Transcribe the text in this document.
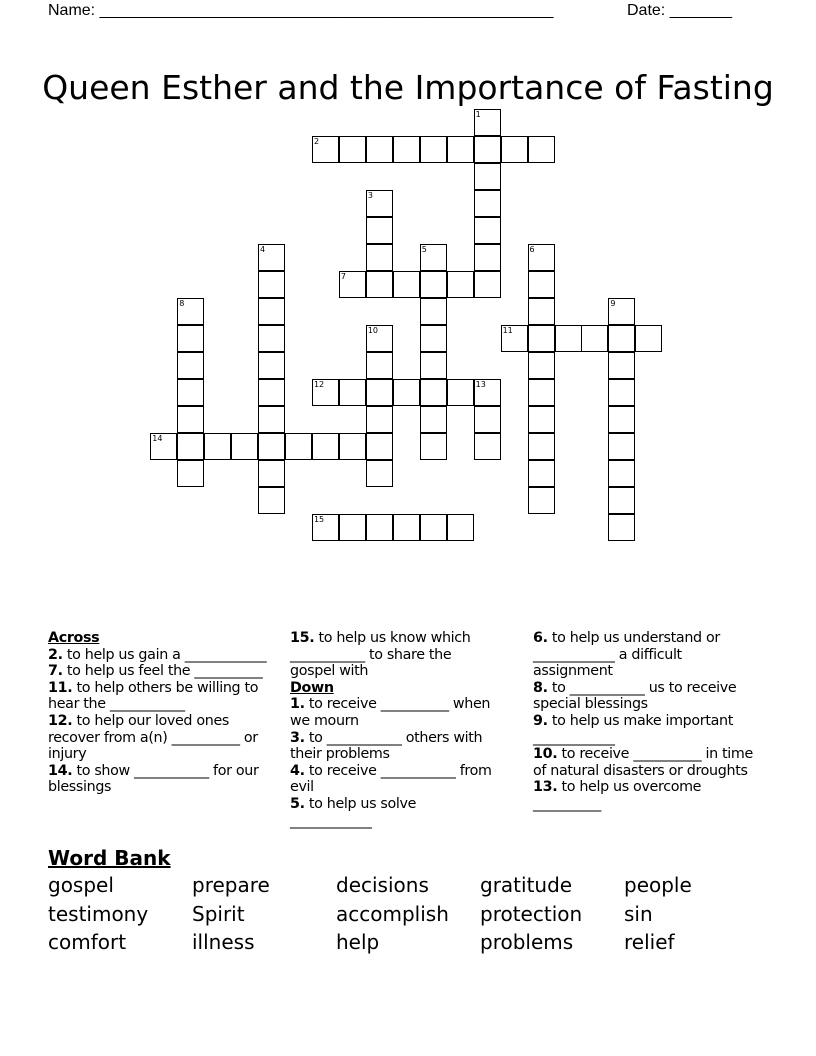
Name: ___________________________________________________	Date: _______
Queen Esther and the Importance of Fasting
1
2
3
4	5	6
7
8	9
10	11
12	13
14
15
Across
2. to help us gain a ____________
7. to help us feel the __________
11. to help others be willing to hear the ___________
12. to help our loved ones recover from a(n) __________ or injury
14. to show ___________ for our blessings
15. to help us know which ___________ to share the gospel with
Down
1. to receive __________ when we mourn
3. to ___________ others with their problems
4. to receive ___________ from evil
5. to help us solve ____________
6. to help us understand or ____________ a difficult assignment
8. to ___________ us to receive special blessings
9. to help us make important ____________
10. to receive __________ in time of natural disasters or droughts
13. to help us overcome __________
Word Bank
gospel	prepare	decisions	gratitude	people
testimony Spirit	accomplish protection sin
comfort	illness	help	problems	relief
